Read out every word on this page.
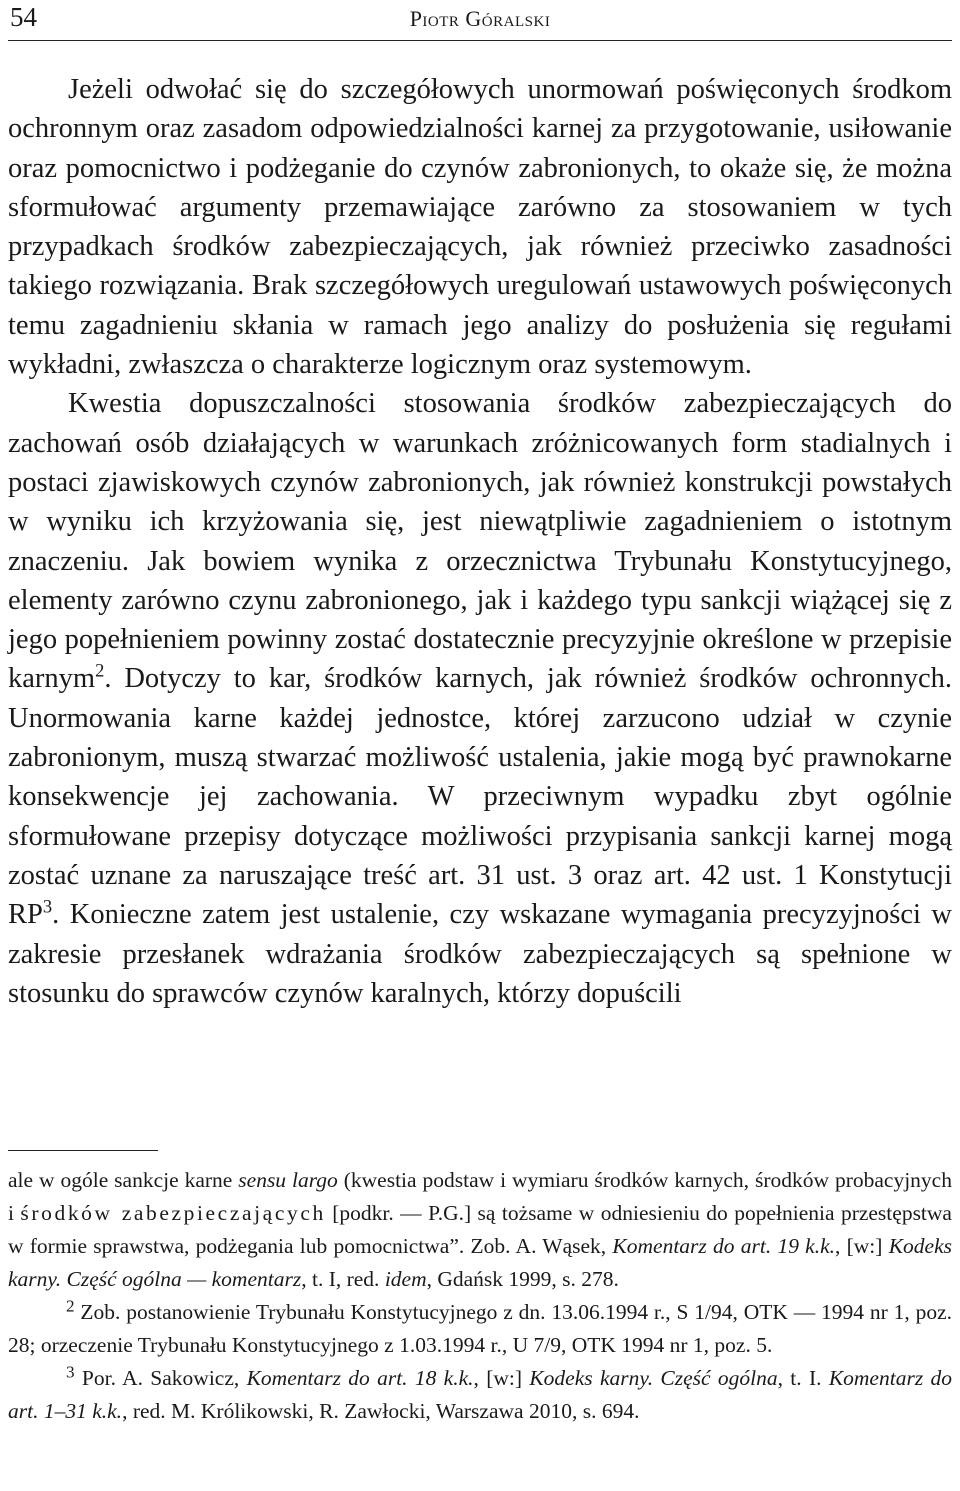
54	Piotr Góralski

Jeżeli odwołać się do szczegółowych unormowań poświęconych środkom ochronnym oraz zasadom odpowiedzialności karnej za przygotowanie, usiłowanie oraz pomocnictwo i podżeganie do czynów zabronionych, to okaże się, że można sformułować argumenty przemawiające zarówno za stosowaniem w tych przypadkach środków zabezpieczających, jak również przeciwko zasadności takiego rozwiązania. Brak szczegółowych uregulowań ustawowych poświęconych temu zagadnieniu skłania w ramach jego analizy do posłużenia się regułami wykładni, zwłaszcza o charakterze logicznym oraz systemowym.

Kwestia dopuszczalności stosowania środków zabezpieczających do zachowań osób działających w warunkach zróżnicowanych form stadialnych i postaci zjawiskowych czynów zabronionych, jak również konstrukcji powstałych w wyniku ich krzyżowania się, jest niewątpliwie zagadnieniem o istotnym znaczeniu. Jak bowiem wynika z orzecznictwa Trybunału Konstytucyjnego, elementy zarówno czynu zabronionego, jak i każdego typu sankcji wiążącej się z jego popełnieniem powinny zostać dostatecznie precyzyjnie określone w przepisie karnym$^2$. Dotyczy to kar, środków karnych, jak również środków ochronnych. Unormowania karne każdej jednostce, której zarzucono udział w czynie zabronionym, muszą stwarzać możliwość ustalenia, jakie mogą być prawnokarne konsekwencje jej zachowania. W przeciwnym wypadku zbyt ogólnie sformułowane przepisy dotyczące możliwości przypisania sankcji karnej mogą zostać uznane za naruszające treść art. 31 ust. 3 oraz art. 42 ust. 1 Konstytucji $RP^3$. Konieczne zatem jest ustalenie, czy wskazane wymagania precyzyjności w zakresie przesłanek wdrażania środków zabezpieczających są spełnione w stosunku do sprawców czynów karalnych, którzy dopuścili

ale w ogóle sankcje karne sensu largo (kwestia podstaw i wymiaru środków karnych, środków probacyjnych i środków zabezpieczających [podkr. — P.G.] są tożsame w odniesieniu do popełnienia przestępstwa w formie sprawstwa, podżegania lub pomocnictwa”. Zob. A. Wąsek, Komentarz do art. 19 k.k., [w:] Kodeks karny. Część ogólna — komentarz, t. I, red. idem, Gdańsk 1999, s. 278.

$^2$ Zob. postanowienie Trybunału Konstytucyjnego z dn. 13.06.1994 r., S 1/94, OTK — 1994 nr 1, poz. 28; orzeczenie Trybunału Konstytucyjnego z 1.03.1994 r., U 7/9, OTK 1994 nr 1, poz. 5.

$^3$ Por. A. Sakowicz, Komentarz do art. 18 k.k., [w:] Kodeks karny. Część ogólna, t. I. Komentarz do art. 1–31 k.k., red. M. Królikowski, R. Zawłocki, Warszawa 2010, s. 694.
